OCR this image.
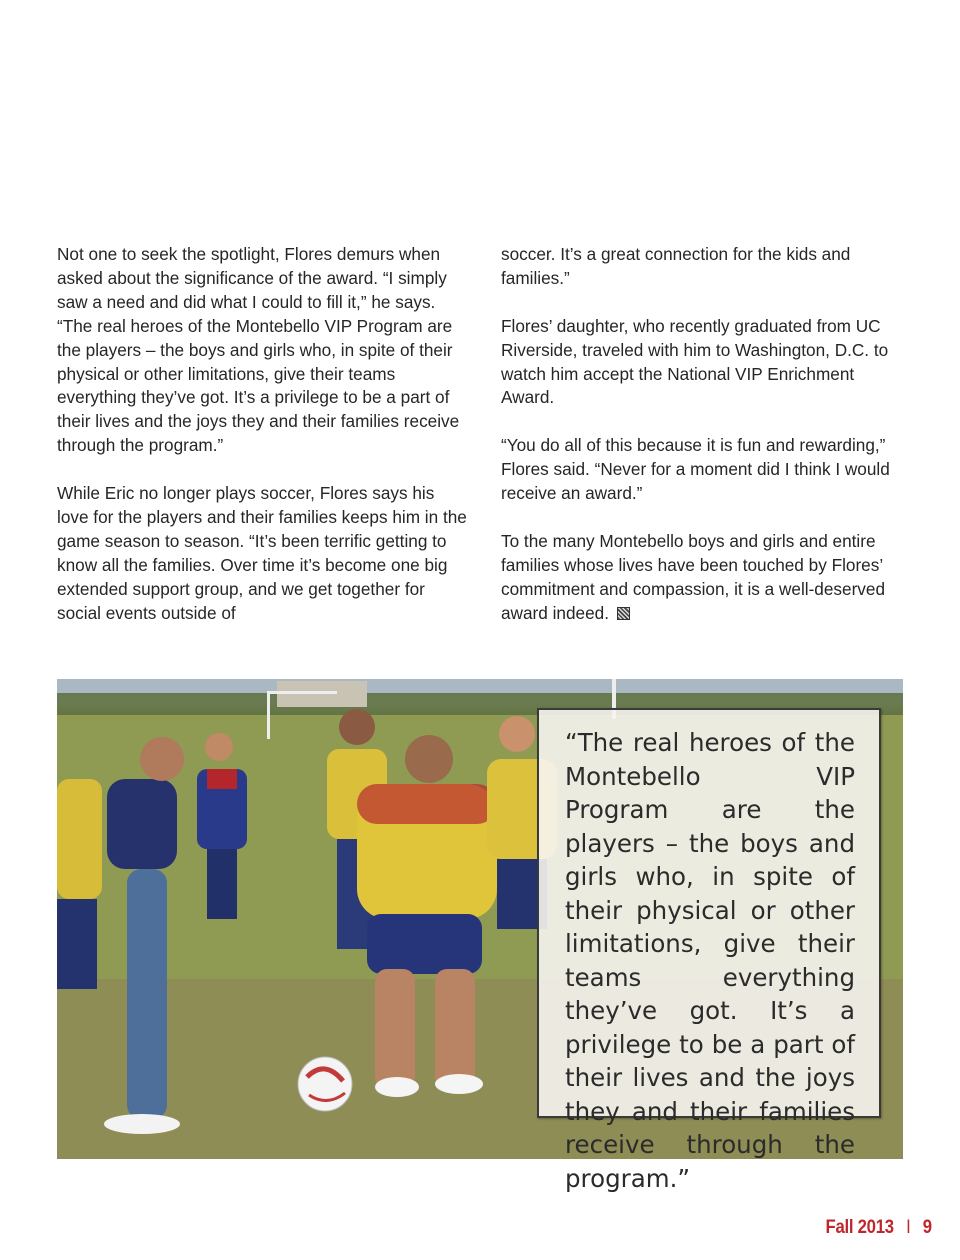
Not one to seek the spotlight, Flores demurs when asked about the significance of the award. “I simply saw a need and did what I could to fill it,” he says. “The real heroes of the Montebello VIP Program are the players – the boys and girls who, in spite of their physical or other limitations, give their teams everything they’ve got. It’s a privilege to be a part of their lives and the joys they and their families receive through the program.”

While Eric no longer plays soccer, Flores says his love for the players and their families keeps him in the game season to season. “It’s been terrific getting to know all the families. Over time it’s become one big extended support group, and we get together for social events outside of

soccer. It’s a great connection for the kids and families.”

Flores’ daughter, who recently graduated from UC Riverside, traveled with him to Washington, D.C. to watch him accept the National VIP Enrichment Award.

“You do all of this because it is fun and rewarding,” Flores said. “Never for a moment did I think I would receive an award.”

To the many Montebello boys and girls and entire families whose lives have been touched by Flores’ commitment and compassion, it is a well-deserved award indeed.

“The real heroes of the Montebello VIP Program are the players – the boys and girls who, in spite of their physical or other limitations, give their teams everything they’ve got. It’s a privilege to be a part of their lives and the joys they and their families receive through the program.”

Fall 2013 I 9
